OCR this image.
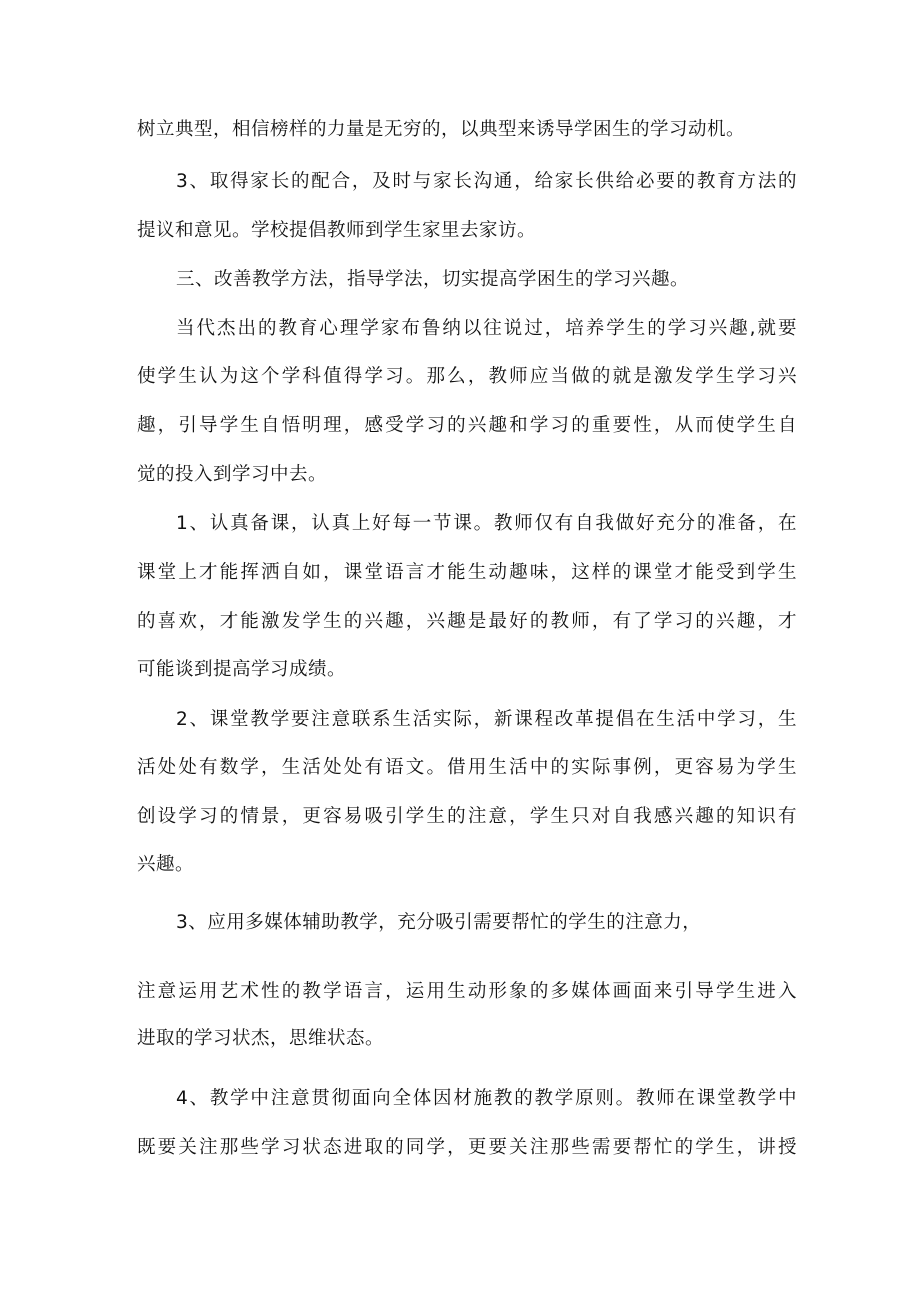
树立典型，相信榜样的力量是无穷的，以典型来诱导学困生的学习动机。
3、取得家长的配合，及时与家长沟通，给家长供给必要的教育方法的
提议和意见。学校提倡教师到学生家里去家访。
三、改善教学方法，指导学法，切实提高学困生的学习兴趣。
当代杰出的教育心理学家布鲁纳以往说过，培养学生的学习兴趣,就要
使学生认为这个学科值得学习。那么，教师应当做的就是激发学生学习兴
趣，引导学生自悟明理，感受学习的兴趣和学习的重要性，从而使学生自
觉的投入到学习中去。
1、认真备课，认真上好每一节课。教师仅有自我做好充分的准备，在
课堂上才能挥洒自如，课堂语言才能生动趣味，这样的课堂才能受到学生
的喜欢，才能激发学生的兴趣，兴趣是最好的教师，有了学习的兴趣，才
可能谈到提高学习成绩。
2、课堂教学要注意联系生活实际，新课程改革提倡在生活中学习，生
活处处有数学，生活处处有语文。借用生活中的实际事例，更容易为学生
创设学习的情景，更容易吸引学生的注意，学生只对自我感兴趣的知识有
兴趣。
3、应用多媒体辅助教学，充分吸引需要帮忙的学生的注意力，
注意运用艺术性的教学语言，运用生动形象的多媒体画面来引导学生进入
进取的学习状杰，思维状态。
4、教学中注意贯彻面向全体因材施教的教学原则。教师在课堂教学中
既要关注那些学习状态进取的同学，更要关注那些需要帮忙的学生，讲授
